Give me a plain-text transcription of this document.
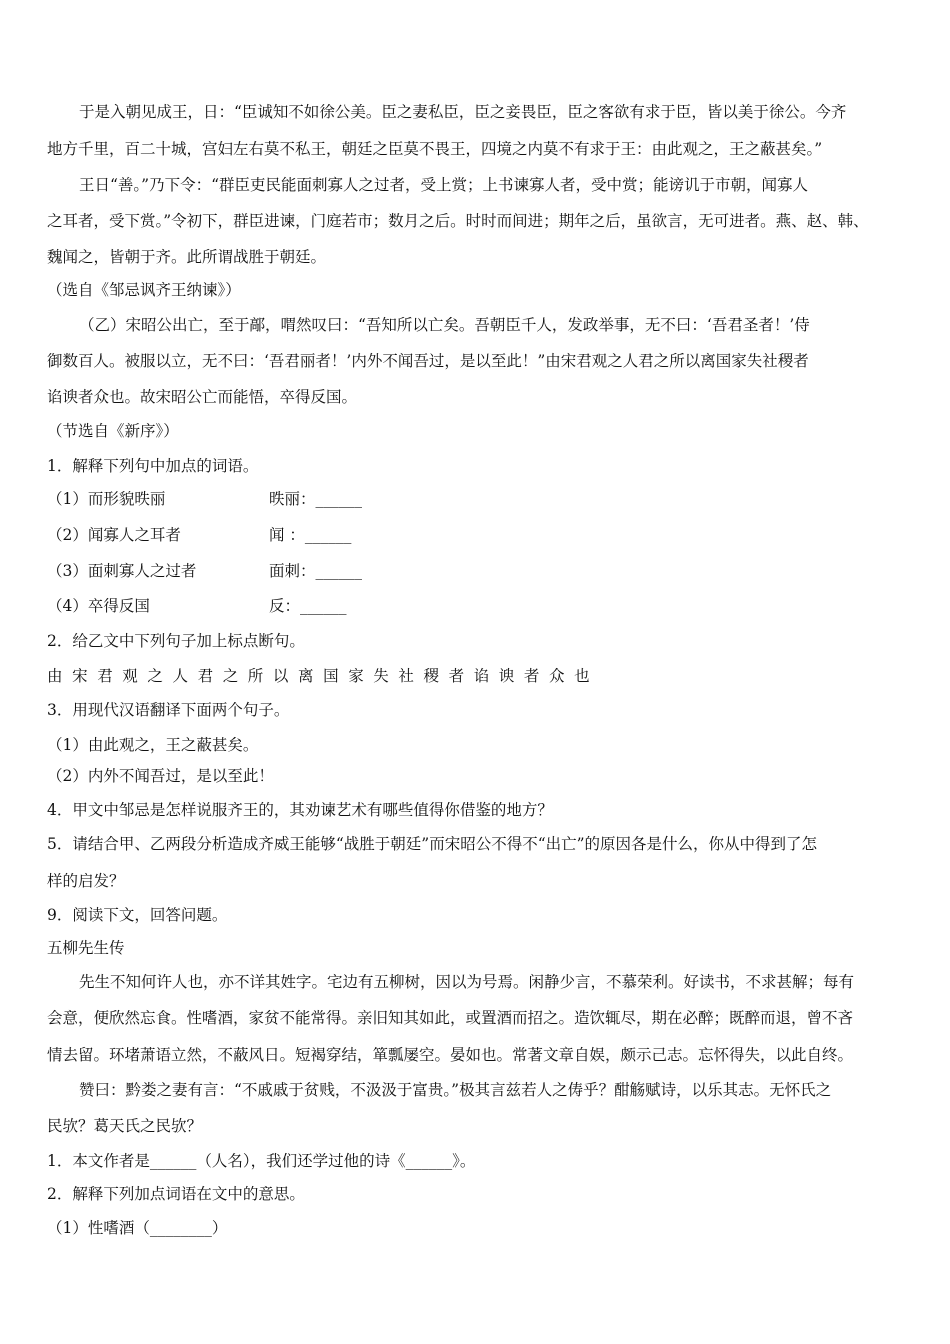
于是入朝见成王，日：“臣诚知不如徐公美。臣之妻私臣，臣之妾畏臣，臣之客欲有求于臣，皆以美于徐公。今齐
地方千里，百二十城，宫妇左右莫不私王，朝廷之臣莫不畏王，四境之内莫不有求于王：由此观之，王之蔽甚矣。”
王日“善。”乃下令：“群臣吏民能面刺寡人之过者，受上赏；上书谏寡人者，受中赏；能谤讥于市朝，闻寡人
之耳者，受下赏。”令初下，群臣进谏，门庭若市；数月之后。时时而间进；期年之后，虽欲言，无可进者。燕、赵、韩、
魏闻之，皆朝于齐。此所谓战胜于朝廷。
（选自《邹忌讽齐王纳谏》）
（乙）宋昭公出亡，至于鄗，喟然叹曰：“吾知所以亡矣。吾朝臣千人，发政举事，无不曰：‘吾君圣者！’侍
御数百人。被服以立，无不曰：‘吾君丽者！’内外不闻吾过，是以至此！”由宋君观之人君之所以离国家失社稷者
谄谀者众也。故宋昭公亡而能悟，卒得反国。
（节选自《新序》）
1．解释下列句中加点的词语。
（1）而形貌昳丽	昳丽：______
（2）闻寡人之耳者	闻 ：______
（3）面刺寡人之过者	面刺：______
（4）卒得反国	反：______
2．给乙文中下列句子加上标点断句。
由宋君观之人君之所以离国家失社稷者谄谀者众也
3．用现代汉语翻译下面两个句子。
（1）由此观之，王之蔽甚矣。
（2）内外不闻吾过，是以至此！
4．甲文中邹忌是怎样说服齐王的，其劝谏艺术有哪些值得你借鉴的地方？
5．请结合甲、乙两段分析造成齐威王能够“战胜于朝廷”而宋昭公不得不“出亡”的原因各是什么，你从中得到了怎
样的启发？
9．阅读下文，回答问题。
五柳先生传
先生不知何许人也，亦不详其姓字。宅边有五柳树，因以为号焉。闲静少言，不慕荣利。好读书，不求甚解；每有
会意，便欣然忘食。性嗜酒，家贫不能常得。亲旧知其如此，或置酒而招之。造饮辄尽，期在必醉；既醉而退，曾不吝
情去留。环堵萧语立然，不蔽风日。短褐穿结，箪瓢屡空。晏如也。常著文章自娱，颇示己志。忘怀得失，以此自终。
赞曰：黔娄之妻有言：“不戚戚于贫贱，不汲汲于富贵。”极其言兹若人之俦乎？酣觞赋诗，以乐其志。无怀氏之
民欤？葛天氏之民欤？
1．本文作者是______（人名），我们还学过他的诗《______》。
2．解释下列加点词语在文中的意思。
（1）性嗜酒（________）
